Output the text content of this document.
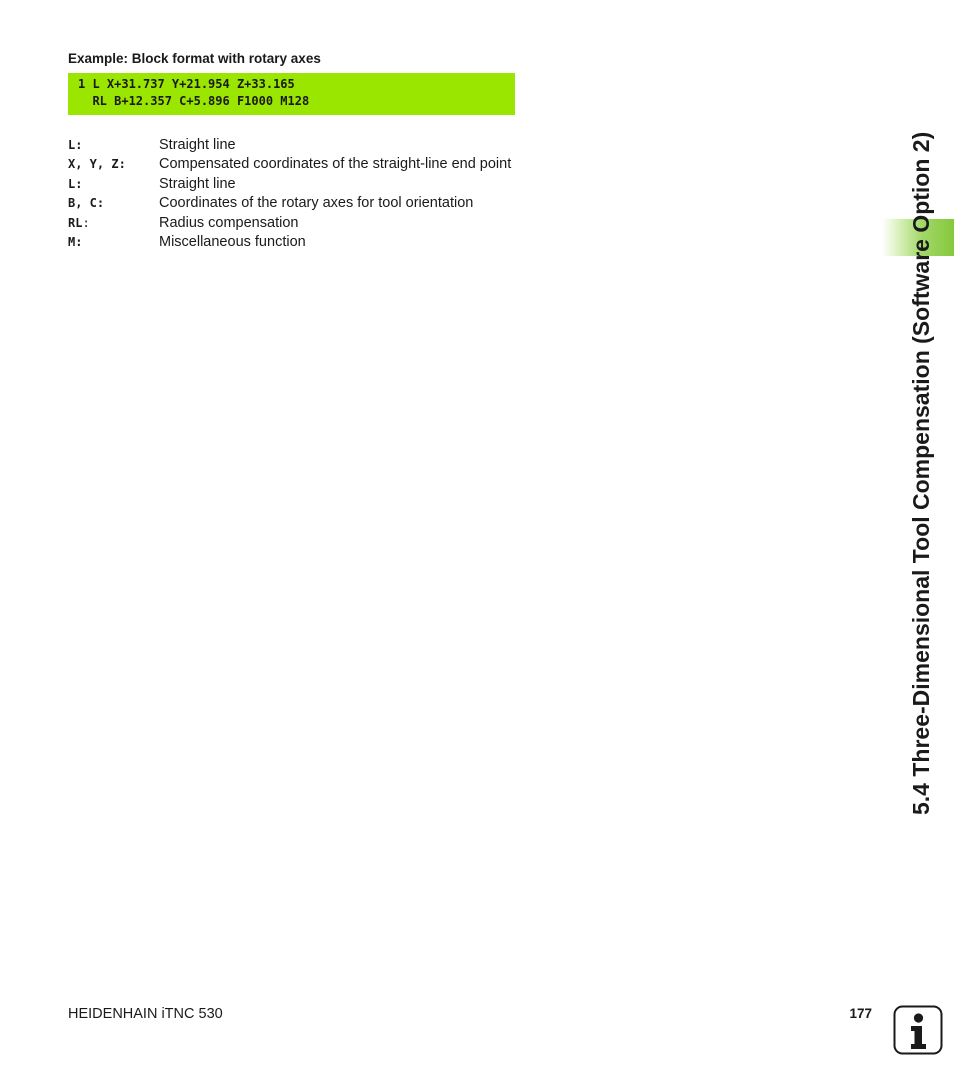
Example: Block format with rotary axes
1 L X+31.737 Y+21.954 Z+33.165
RL B+12.357 C+5.896 F1000 M128
L:	Straight line
X, Y, Z: Compensated coordinates of the straight-line end point
L:	Straight line
B, C:	Coordinates of the rotary axes for tool orientation
RL:	Radius compensation
M:	Miscellaneous function	5.4 Three-Dimensional Tool Compensation (Software Option 2)
HEIDENHAIN iTNC 530	177
